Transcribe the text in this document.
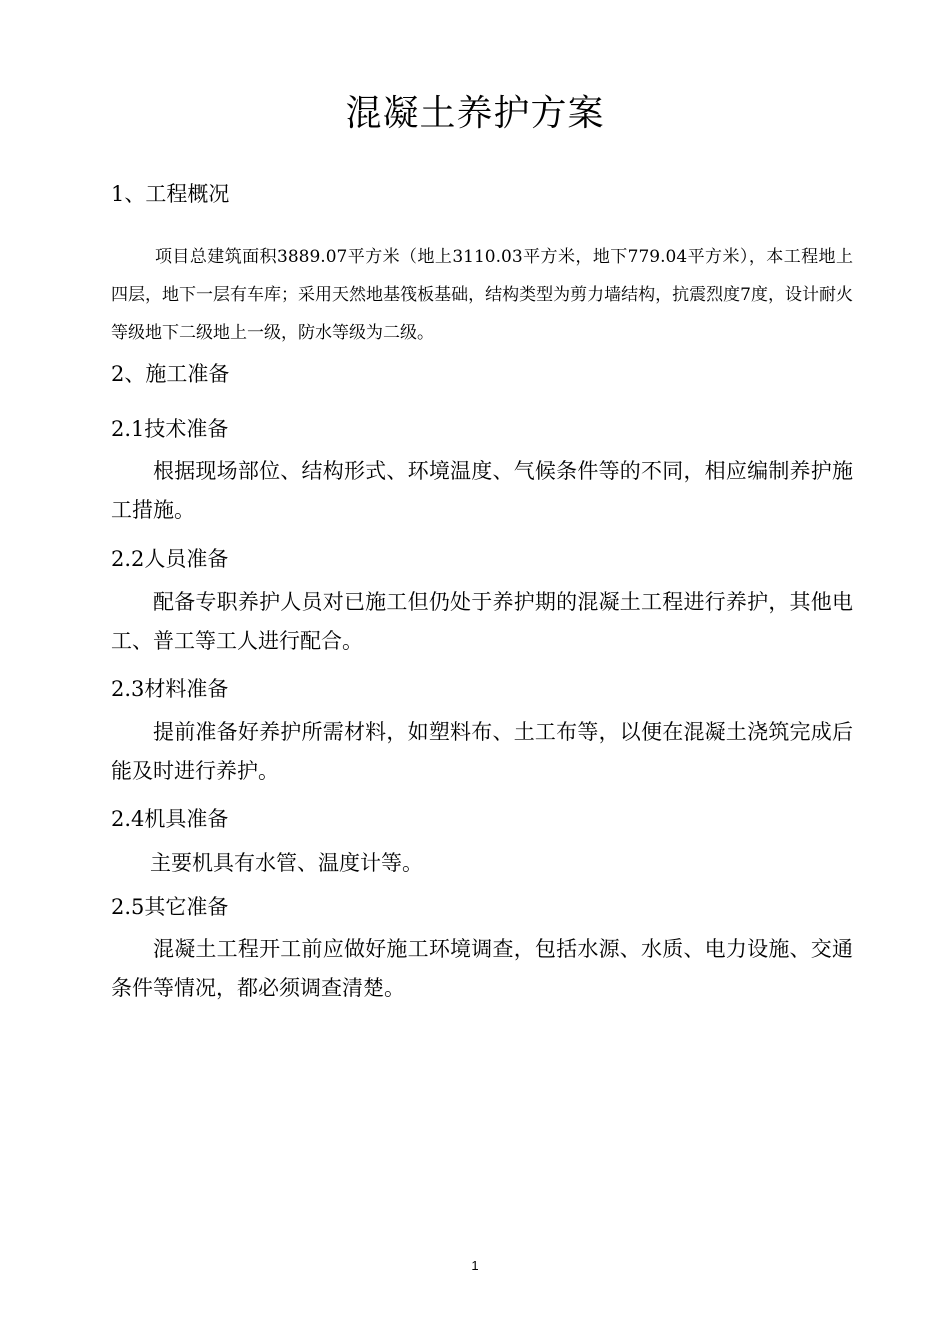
混凝土养护方案
1、工程概况
项目总建筑面积3889.07平方米（地上3110.03平方米，地下779.04平方米），本工程地上四层，地下一层有车库；采用天然地基筏板基础，结构类型为剪力墙结构，抗震烈度7度，设计耐火等级地下二级地上一级，防水等级为二级。
2、施工准备
2.1技术准备
根据现场部位、结构形式、环境温度、气候条件等的不同，相应编制养护施工措施。
2.2人员准备
配备专职养护人员对已施工但仍处于养护期的混凝土工程进行养护，其他电工、普工等工人进行配合。
2.3材料准备
提前准备好养护所需材料，如塑料布、土工布等，以便在混凝土浇筑完成后能及时进行养护。
2.4机具准备
主要机具有水管、温度计等。
2.5其它准备
混凝土工程开工前应做好施工环境调查，包括水源、水质、电力设施、交通条件等情况，都必须调查清楚。
1
